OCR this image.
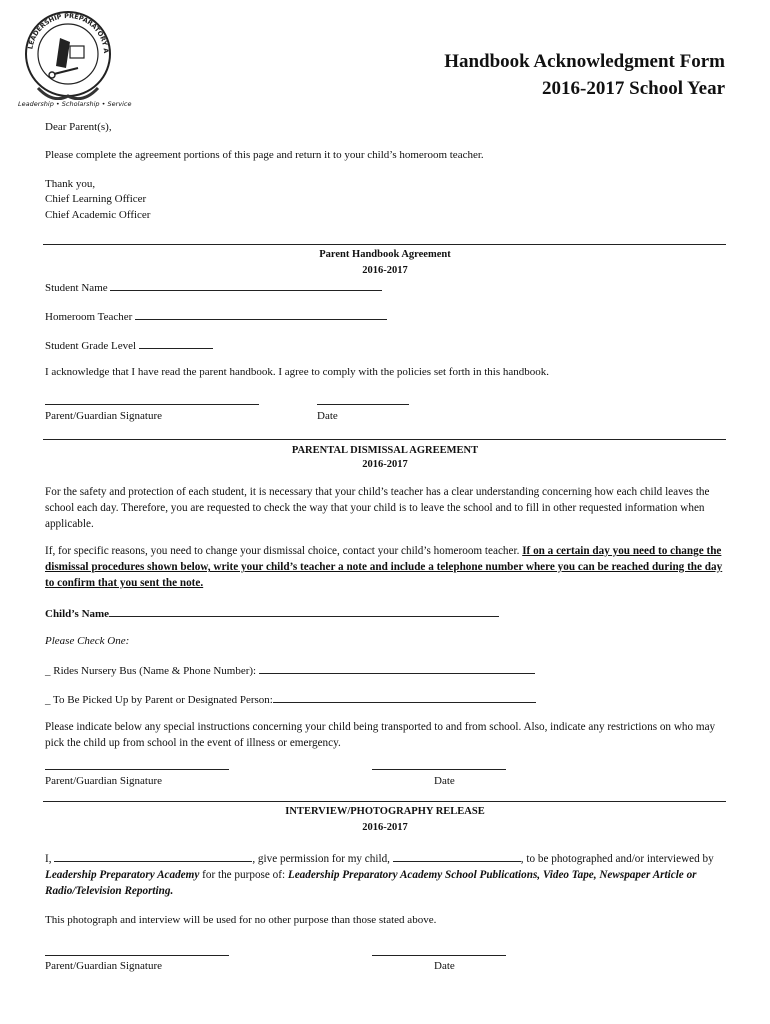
LEADERSHIP PREPARATORY A
Leadership • Scholarship • Service
Handbook Acknowledgment Form
2016-2017 School Year
Dear Parent(s),
Please complete the agreement portions of this page and return it to your child’s homeroom teacher.
Thank you,
Chief Learning Officer
Chief Academic Officer
Parent Handbook Agreement
2016-2017
Student Name
Homeroom Teacher
Student Grade Level
I acknowledge that I have read the parent handbook. I agree to comply with the policies set forth in this handbook.
Parent/Guardian Signature	Date
PARENTAL DISMISSAL AGREEMENT
2016-2017
For the safety and protection of each student, it is necessary that your child’s teacher has a clear understanding concerning how each child leaves the school each day. Therefore, you are requested to check the way that your child is to leave the school and to fill in other requested information when applicable.
If, for specific reasons, you need to change your dismissal choice, contact your child’s homeroom teacher. If on a certain day you need to change the dismissal procedures shown below, write your child’s teacher a note and include a telephone number where you can be reached during the day to confirm that you sent the note.
Child’s Name
Please Check One:
_ Rides Nursery Bus (Name & Phone Number):
_ To Be Picked Up by Parent or Designated Person:
Please indicate below any special instructions concerning your child being transported to and from school. Also, indicate any restrictions on who may pick the child up from school in the event of illness or emergency.
Parent/Guardian Signature	Date
INTERVIEW/PHOTOGRAPHY RELEASE
2016-2017
I,	, give permission for my child,	, to be photographed and/or interviewed by Leadership Preparatory Academy for the purpose of: Leadership Preparatory Academy School Publications, Video Tape, Newspaper Article or Radio/Television Reporting.
This photograph and interview will be used for no other purpose than those stated above.
Parent/Guardian Signature	Date
